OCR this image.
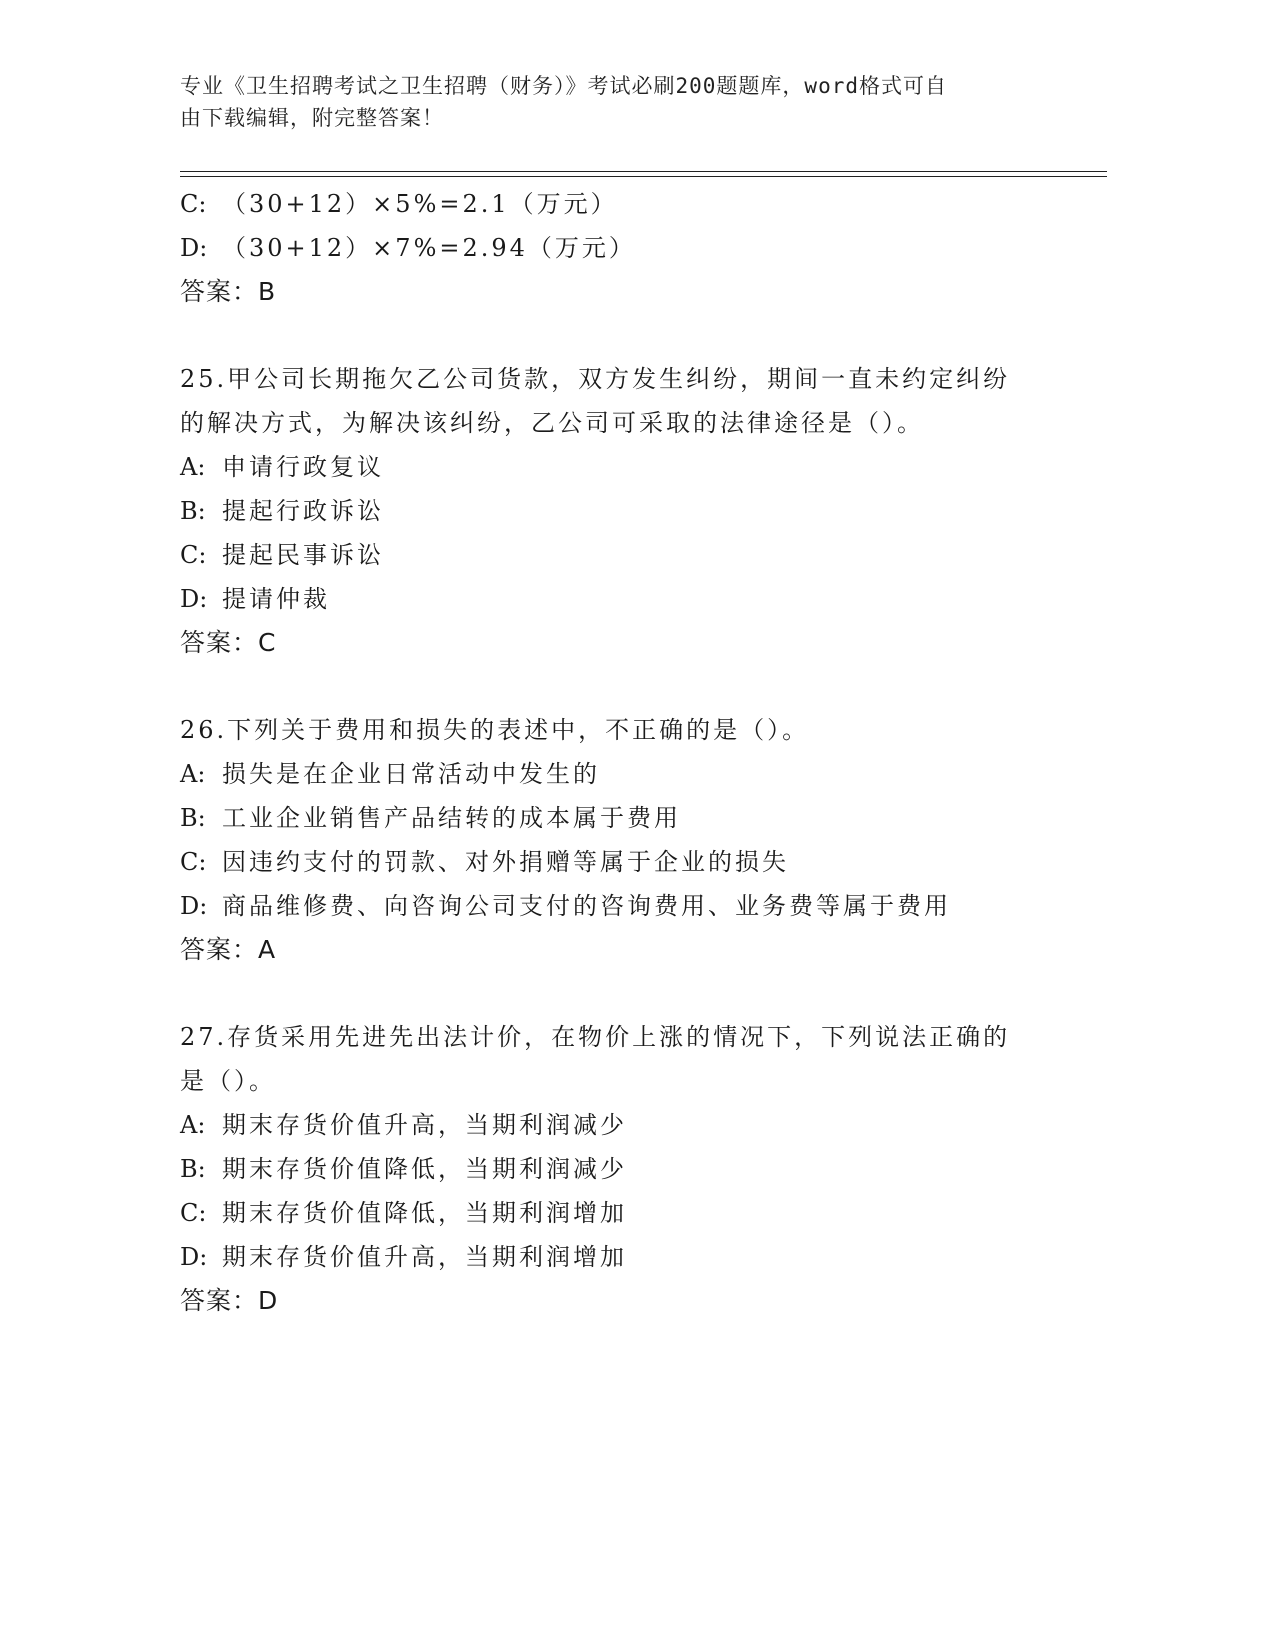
专业《卫生招聘考试之卫生招聘（财务）》考试必刷200题题库，word格式可自
由下载编辑，附完整答案！
C: （30+12）×5%=2.1（万元）
D: （30+12）×7%=2.94（万元）
答案：B
25.甲公司长期拖欠乙公司货款，双方发生纠纷，期间一直未约定纠纷
的解决方式，为解决该纠纷，乙公司可采取的法律途径是（）。
A: 申请行政复议
B: 提起行政诉讼
C: 提起民事诉讼
D: 提请仲裁
答案：C
26.下列关于费用和损失的表述中，不正确的是（）。
A: 损失是在企业日常活动中发生的
B: 工业企业销售产品结转的成本属于费用
C: 因违约支付的罚款、对外捐赠等属于企业的损失
D: 商品维修费、向咨询公司支付的咨询费用、业务费等属于费用
答案：A
27.存货采用先进先出法计价，在物价上涨的情况下，下列说法正确的
是（）。
A: 期末存货价值升高，当期利润减少
B: 期末存货价值降低，当期利润减少
C: 期末存货价值降低，当期利润增加
D: 期末存货价值升高，当期利润增加
答案：D
